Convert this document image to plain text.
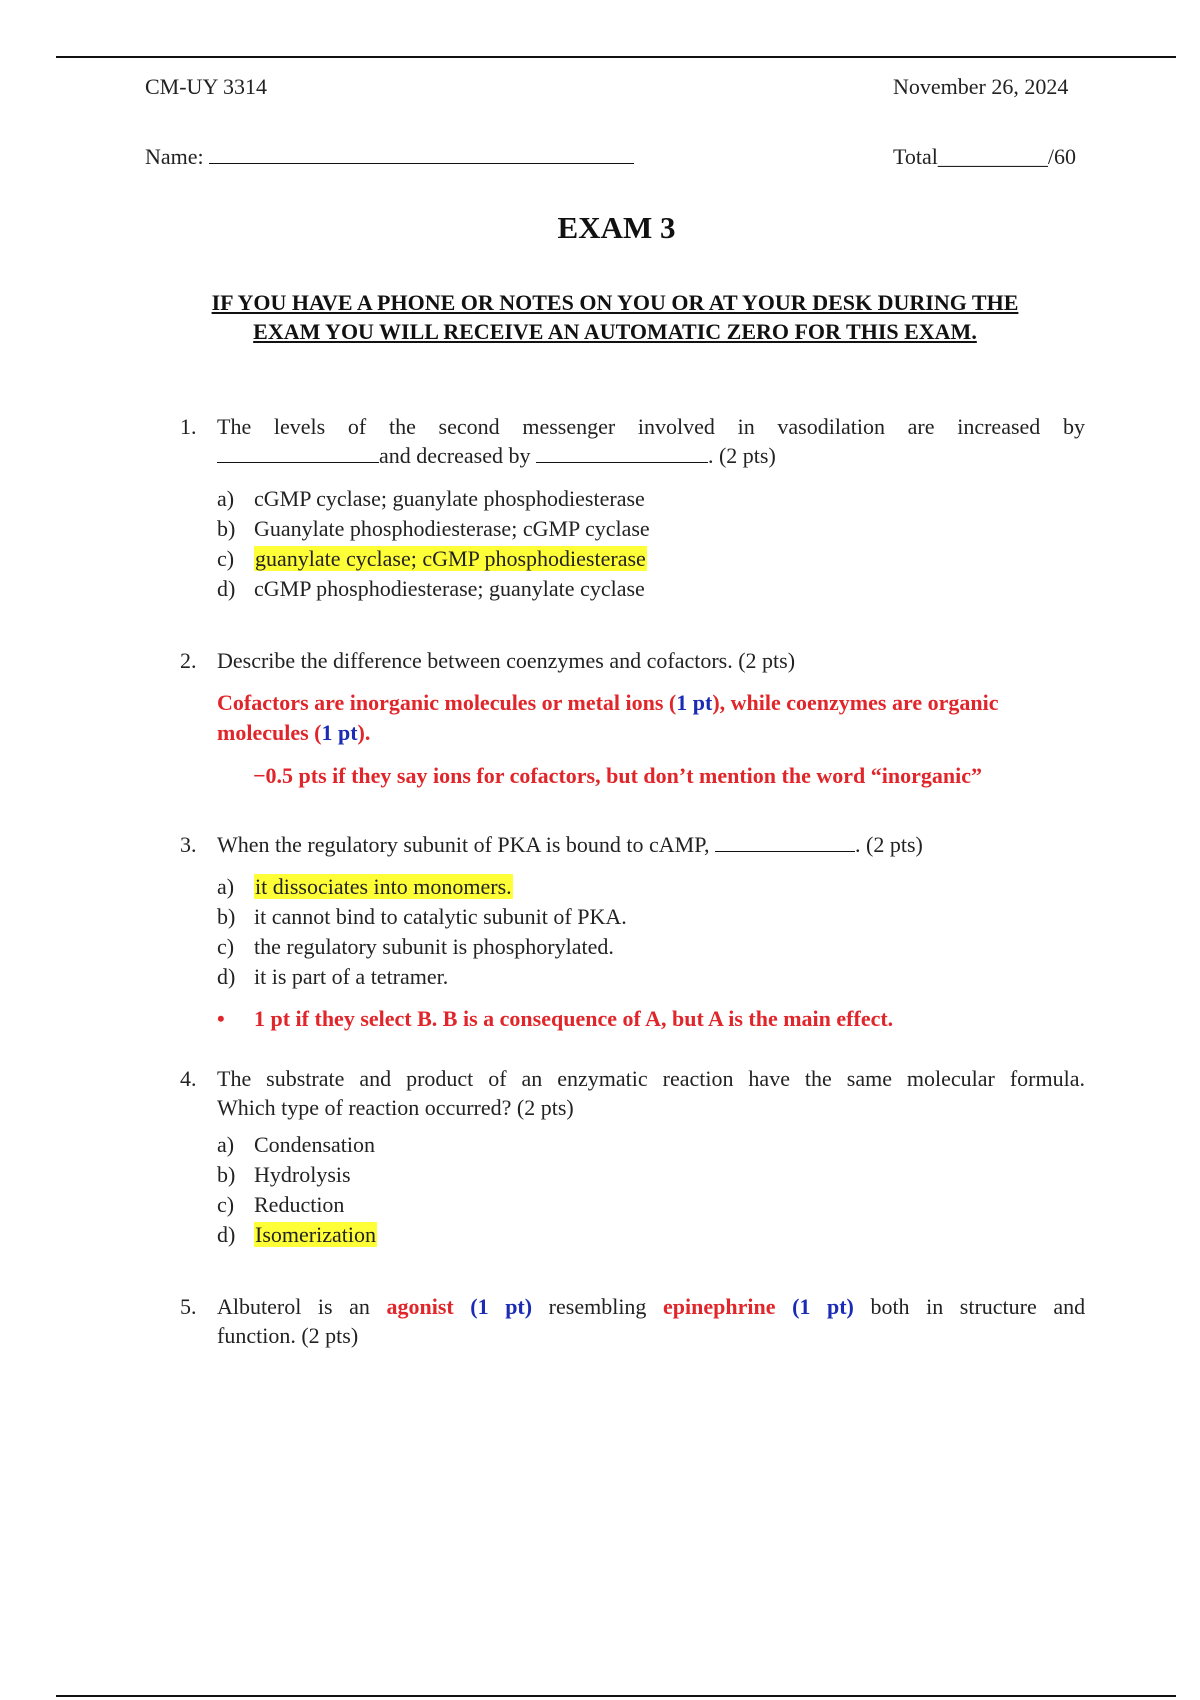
CM-UY 3314	November 26, 2024
Name:	Total__________/60
EXAM 3
IF YOU HAVE A PHONE OR NOTES ON YOU OR AT YOUR DESK DURING THE
EXAM YOU WILL RECEIVE AN AUTOMATIC ZERO FOR THIS EXAM.
1. The levels of the second messenger involved in vasodilation are increased by
and decreased by	. (2 pts)
a) cGMP cyclase; guanylate phosphodiesterase
b) Guanylate phosphodiesterase; cGMP cyclase
c) guanylate cyclase; cGMP phosphodiesterase
d) cGMP phosphodiesterase; guanylate cyclase
2. Describe the difference between coenzymes and cofactors. (2 pts)
Cofactors are inorganic molecules or metal ions (1 pt), while coenzymes are organic
molecules (1 pt).
−0.5 pts if they say ions for cofactors, but don’t mention the word “inorganic”
3. When the regulatory subunit of PKA is bound to cAMP,	. (2 pts)
a) it dissociates into monomers.
b) it cannot bind to catalytic subunit of PKA.
c) the regulatory subunit is phosphorylated.
d) it is part of a tetramer.
• 1 pt if they select B. B is a consequence of A, but A is the main effect.
4. The substrate and product of an enzymatic reaction have the same molecular formula.
Which type of reaction occurred? (2 pts)
a) Condensation
b) Hydrolysis
c) Reduction
d) Isomerization
5. Albuterol is an agonist (1 pt) resembling epinephrine (1 pt) both in structure and
function. (2 pts)
